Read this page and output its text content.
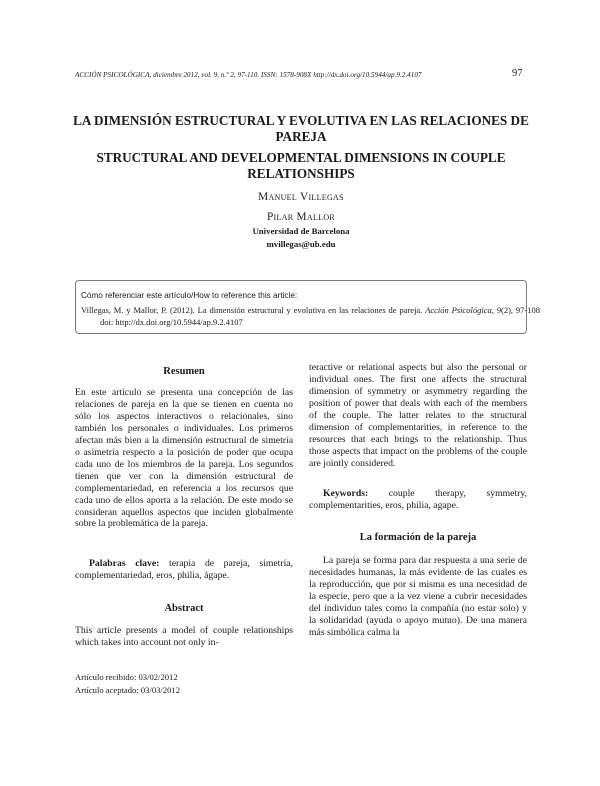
ACCIÓN PSICOLÓGICA, diciembre 2012, vol. 9, n.º 2, 97-110. ISSN: 1578-908X http://dx.doi.org/10.5944/ap.9.2.4107	97
LA DIMENSIÓN ESTRUCTURAL Y EVOLUTIVA EN LAS RELACIONES DE PAREJA
STRUCTURAL AND DEVELOPMENTAL DIMENSIONS IN COUPLE RELATIONSHIPS
Manuel Villegas
Pilar Mallor
Universidad de Barcelona
mvillegas@ub.edu
Cómo referenciar este artículo/How to reference this article:
Villegas, M. y Mallor, P. (2012). La dimensión estructural y evolutiva en las relaciones de pareja. Acción Psicológica, 9(2), 97-108 doi: http://dx.doi.org/10.5944/ap.9.2.4107
Resumen

En este artículo se presenta una concepción de las relaciones de pareja en la que se tienen en cuenta no sólo los aspectos interactivos o relacionales, sino también los personales o individuales. Los primeros afectan más bien a la dimensión estructural de simetría o asimetría respecto a la posición de poder que ocupa cada uno de los miembros de la pareja. Los segundos tienen que ver con la dimensión estructural de complementariedad, en referencia a los recursos que cada uno de ellos aporta a la relación. De este modo se consideran aquellos aspectos que inciden globalmente sobre la problemática de la pareja.

Palabras clave: terapia de pareja, simetría, complementariedad, eros, philia, ágape.

Abstract

This article presents a model of couple relationships which takes into account not only in-

teractive or relational aspects but also the personal or individual ones. The first one affects the structural dimension of symmetry or asymmetry regarding the position of power that deals with each of the members of the couple. The latter relates to the structural dimension of complementarities, in reference to the resources that each brings to the relationship. Thus those aspects that impact on the problems of the couple are jointly considered.

Keywords: couple therapy, symmetry, complementarities, eros, philia, agape.

La formación de la pareja

La pareja se forma para dar respuesta a una serie de necesidades humanas, la más evidente de las cuales es la reproducción, que por sí misma es una necesidad de la especie, pero que a la vez viene a cubrir necesidades del individuo tales como la compañía (no estar solo) y la solidaridad (ayuda o apoyo mutuo). De una manera más simbólica calma la

Artículo recibido: 03/02/2012
Artículo aceptado: 03/03/2012
